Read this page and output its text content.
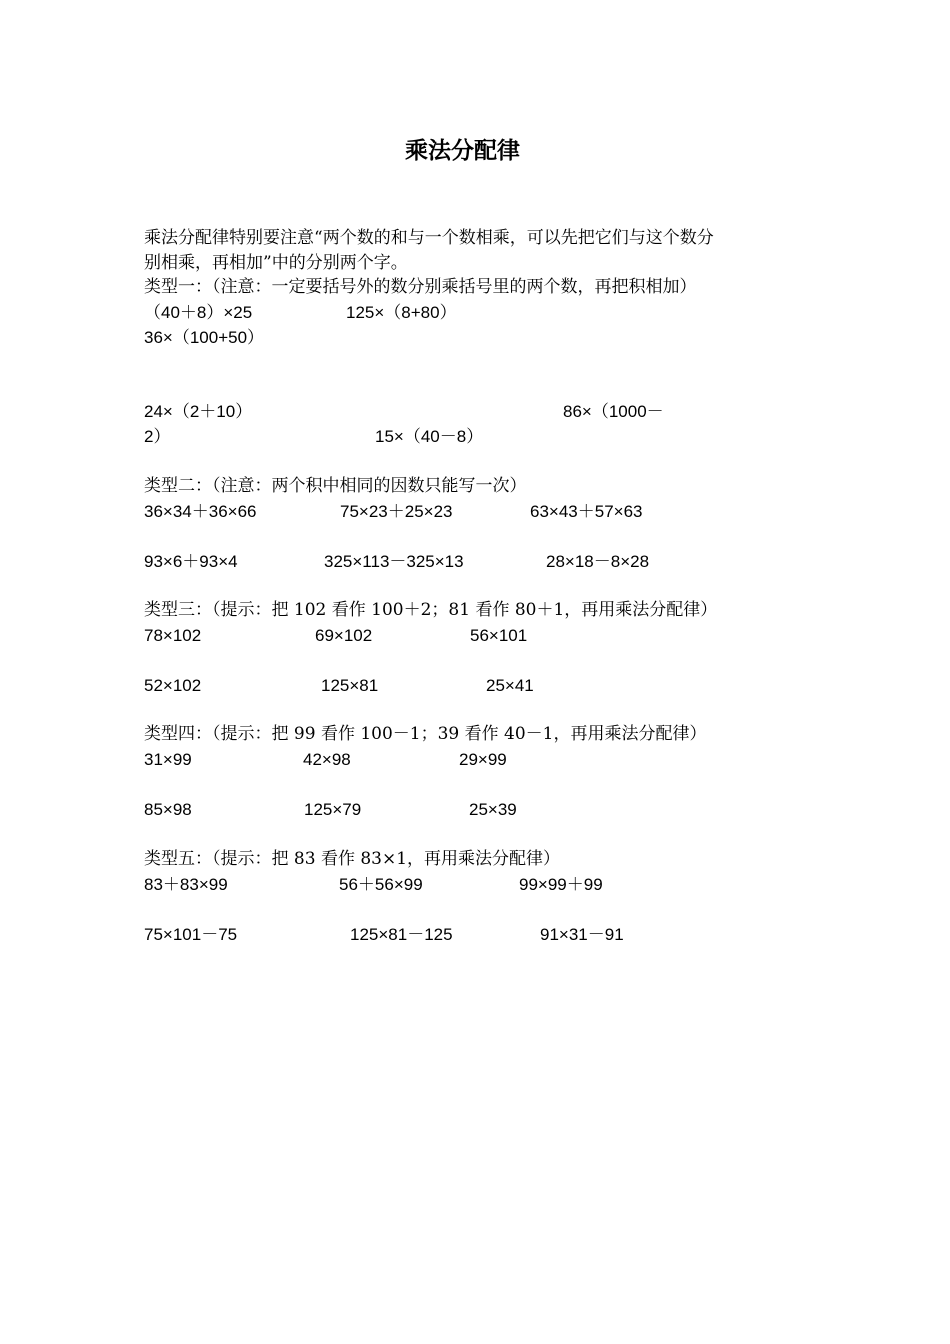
乘法分配律
乘法分配律特别要注意“两个数的和与一个数相乘，可以先把它们与这个数分
别相乘，再相加”中的分别两个字。
类型一：（注意：一定要括号外的数分别乘括号里的两个数，再把积相加）
（40＋8）×25	125×（8+80）
36×（100+50）
24×（2＋10）	86×（1000－
2）	15×（40－8）
类型二：（注意：两个积中相同的因数只能写一次）
36×34＋36×66	75×23＋25×23	63×43＋57×63
93×6＋93×4	325×113－325×13	28×18－8×28
类型三：（提示：把 102 看作 100＋2；81 看作 80＋1，再用乘法分配律）
78×102	69×102	56×101
52×102	125×81	25×41
类型四：（提示：把 99 看作 100－1；39 看作 40－1，再用乘法分配律）
31×99	42×98	29×99
85×98	125×79	25×39
类型五：（提示：把 83 看作 83×1，再用乘法分配律）
83＋83×99	56＋56×99	99×99＋99
75×101－75	125×81－125	91×31－91
